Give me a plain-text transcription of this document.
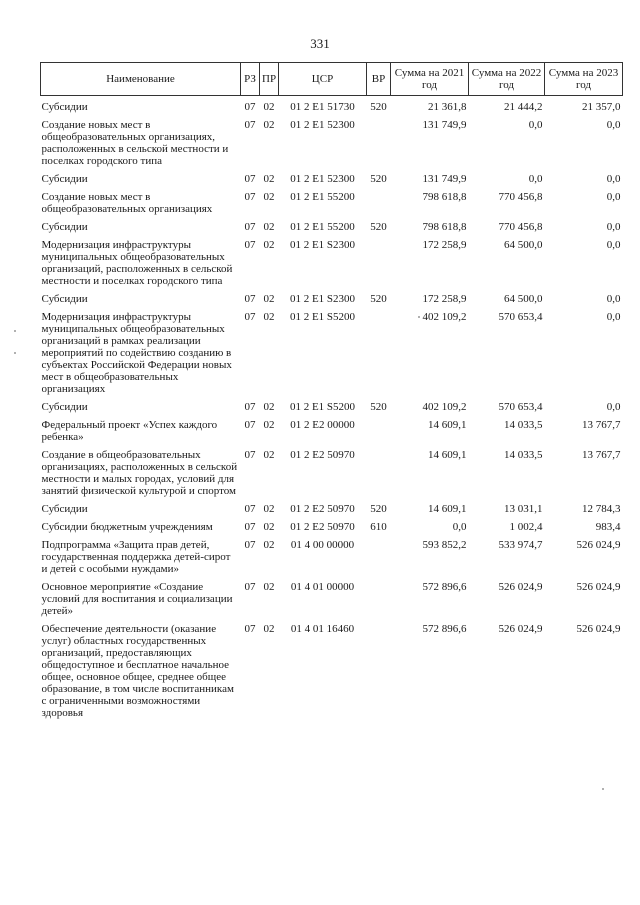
331
Наименование	РЗ	ПР	ЦСР	ВР	Сумма на 2021 год	Сумма на 2022 год	Сумма на 2023 год
Субсидии	07	02	01 2 E1 51730	520	21 361,8	21 444,2	21 357,0
Создание новых мест в общеобразовательных организациях, расположенных в сельской местности и поселках городского типа	07	02	01 2 E1 52300		131 749,9	0,0	0,0
Субсидии	07	02	01 2 E1 52300	520	131 749,9	0,0	0,0
Создание новых мест в общеобразовательных организациях	07	02	01 2 E1 55200		798 618,8	770 456,8	0,0
Субсидии	07	02	01 2 E1 55200	520	798 618,8	770 456,8	0,0
Модернизация инфраструктуры муниципальных общеобразовательных организаций, расположенных в сельской местности и поселках городского типа	07	02	01 2 E1 S2300		172 258,9	64 500,0	0,0
Субсидии	07	02	01 2 E1 S2300	520	172 258,9	64 500,0	0,0
Модернизация инфраструктуры муниципальных общеобразовательных организаций в рамках реализации мероприятий по содействию созданию в субъектах Российской Федерации новых мест в общеобразовательных организациях	07	02	01 2 E1 S5200		402 109,2	570 653,4	0,0
Субсидии	07	02	01 2 E1 S5200	520	402 109,2	570 653,4	0,0
Федеральный проект «Успех каждого ребенка»	07	02	01 2 E2 00000		14 609,1	14 033,5	13 767,7
Создание в общеобразовательных организациях, расположенных в сельской местности и малых городах, условий для занятий физической культурой и спортом	07	02	01 2 E2 50970		14 609,1	14 033,5	13 767,7
Субсидии	07	02	01 2 E2 50970	520	14 609,1	13 031,1	12 784,3
Субсидии бюджетным учреждениям	07	02	01 2 E2 50970	610	0,0	1 002,4	983,4
Подпрограмма «Защита прав детей, государственная поддержка детей-сирот и детей с особыми нуждами»	07	02	01 4 00 00000		593 852,2	533 974,7	526 024,9
Основное мероприятие «Создание условий для воспитания и социализации детей»	07	02	01 4 01 00000		572 896,6	526 024,9	526 024,9
Обеспечение деятельности (оказание услуг) областных государственных организаций, предоставляющих общедоступное и бесплатное начальное общее, основное общее, среднее общее образование, в том числе воспитанникам с ограниченными возможностями здоровья	07	02	01 4 01 16460		572 896,6	526 024,9	526 024,9
